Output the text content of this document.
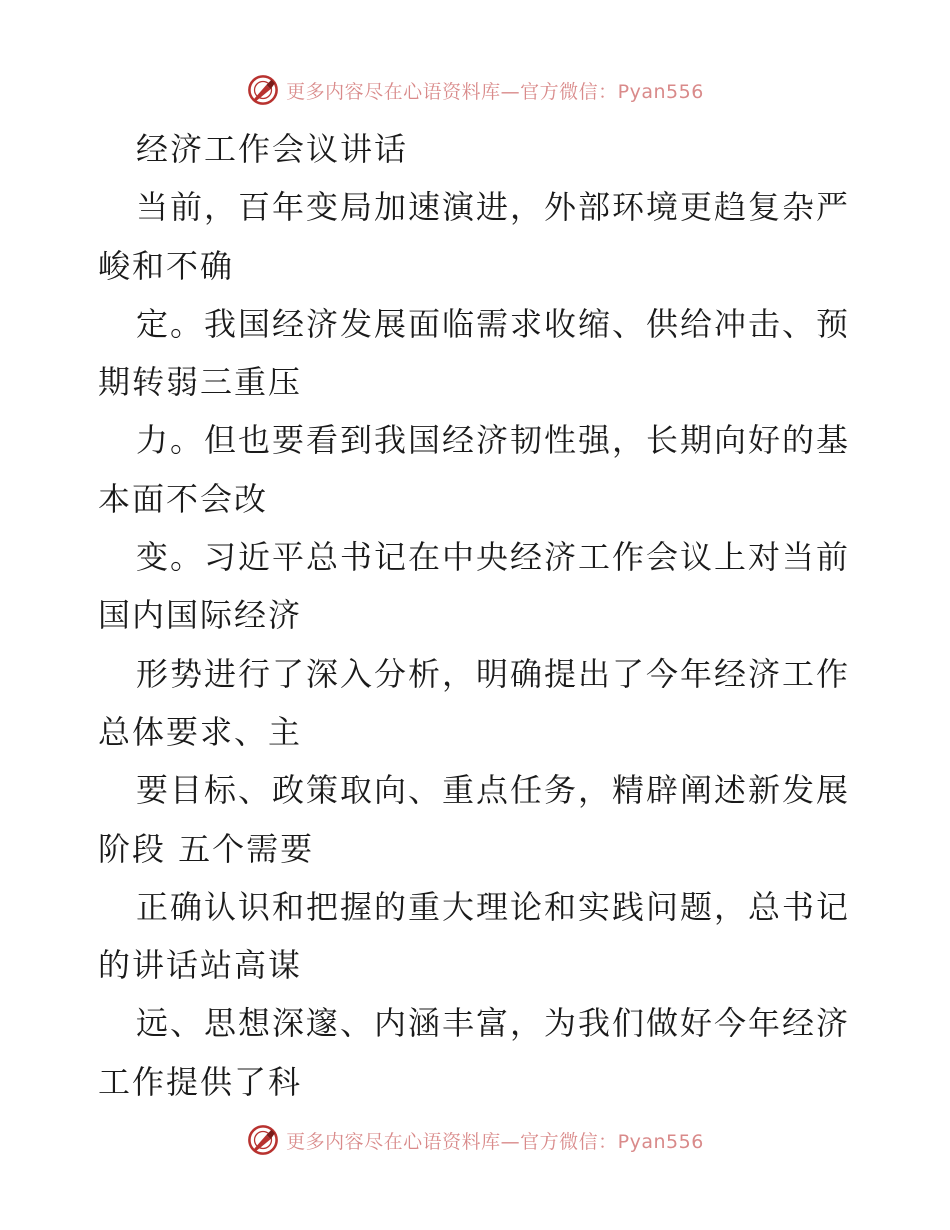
更多内容尽在心语资料库—官方微信：Pyan556
经济工作会议讲话
当前，百年变局加速演进，外部环境更趋复杂严
峻和不确
定。我国经济发展面临需求收缩、供给冲击、预
期转弱三重压
力。但也要看到我国经济韧性强，长期向好的基
本面不会改
变。习近平总书记在中央经济工作会议上对当前
国内国际经济
形势进行了深入分析，明确提出了今年经济工作
总体要求、主
要目标、政策取向、重点任务，精辟阐述新发展
阶段 五个需要
正确认识和把握的重大理论和实践问题，总书记
的讲话站高谋
远、思想深邃、内涵丰富，为我们做好今年经济
工作提供了科
更多内容尽在心语资料库—官方微信：Pyan556
